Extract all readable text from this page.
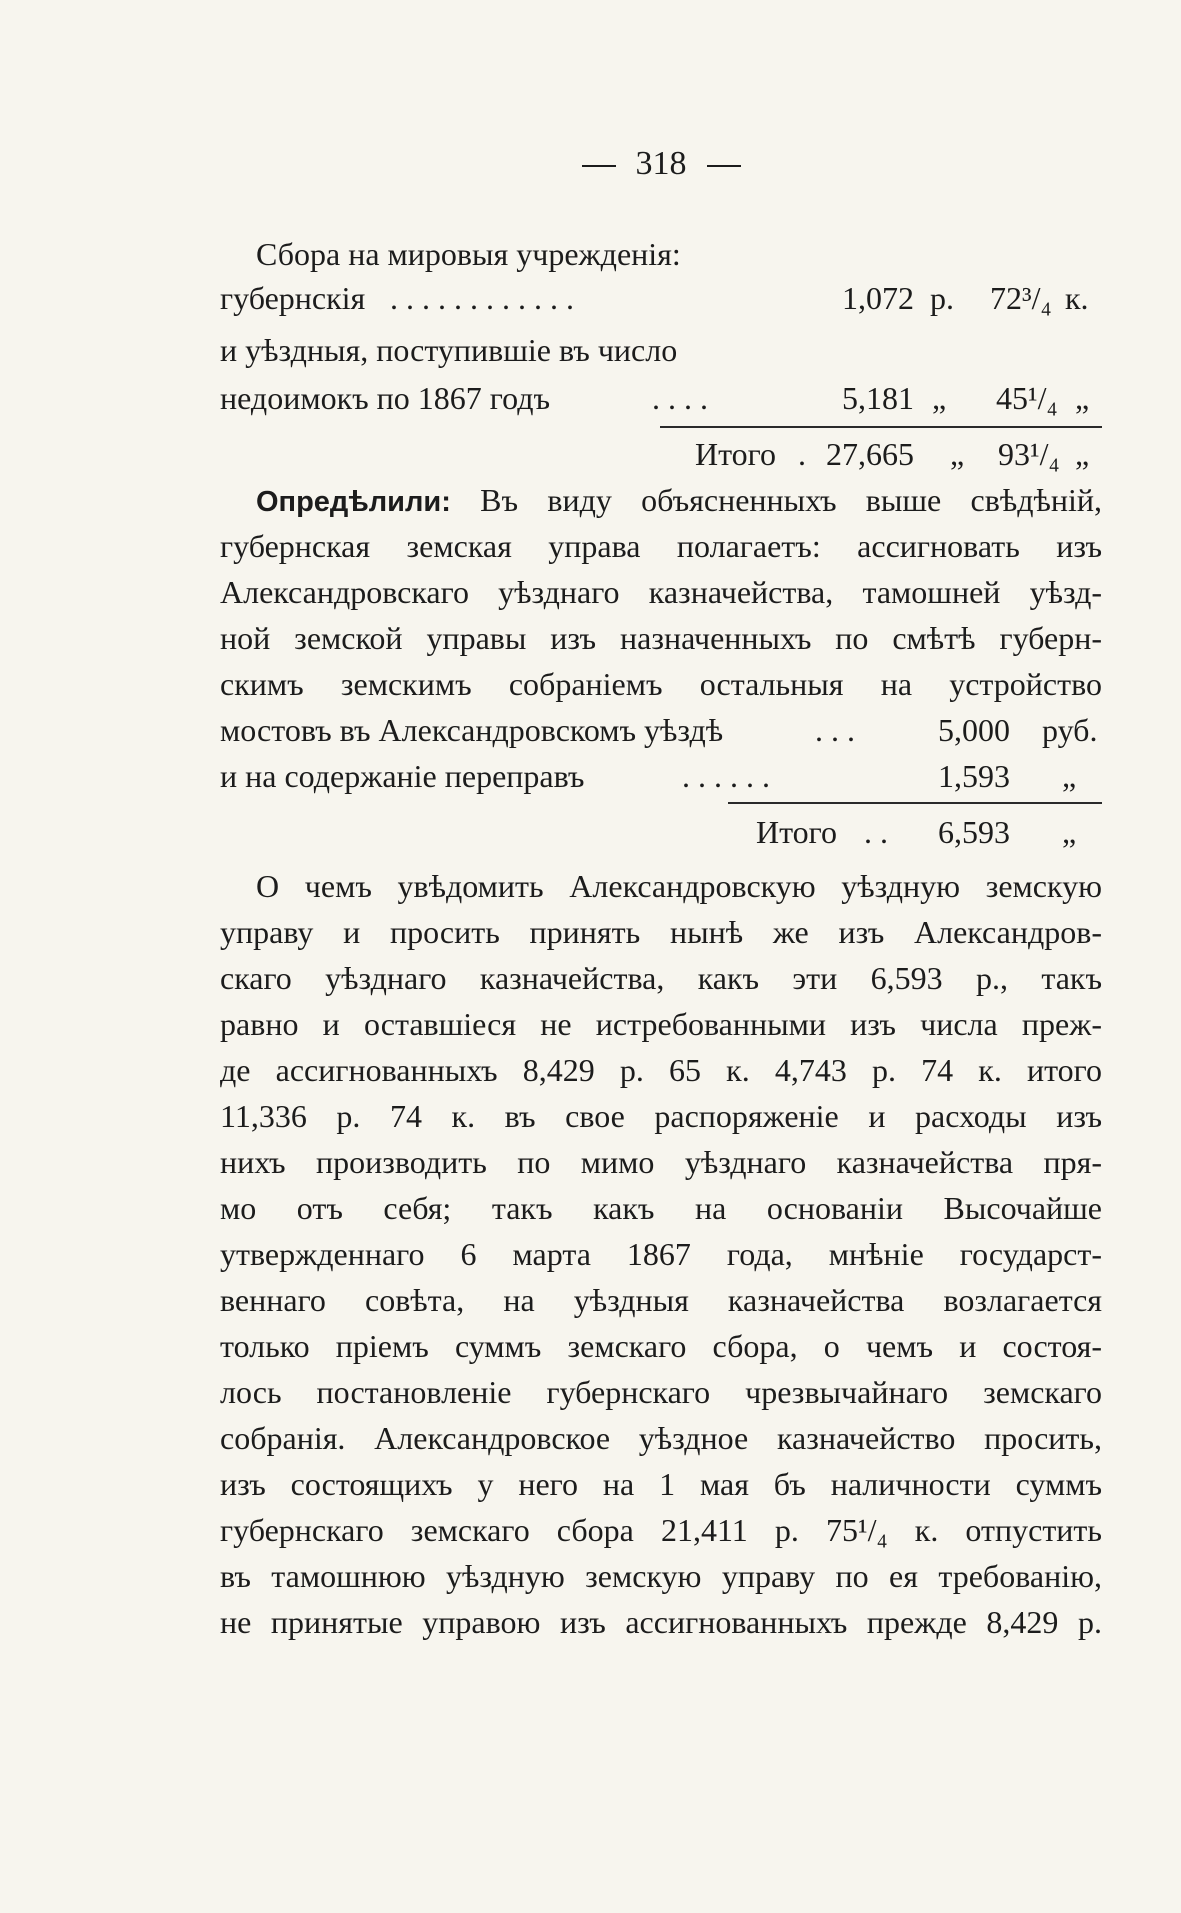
318
Сбора на мировыя учрежденія:
губернскія . . . . . . . . . . . .	1,072 р. 72³/₄ к.
и уѣздныя, поступившіе въ число
недоимокъ по 1867 годъ	. . . .	5,181 „ 45¹/₄ „
Итого . 27,665 „ 93¹/₄ „
Опредѣлили: Въ виду объясненныхъ выше свѣдѣній,
губернская земская управа полагаетъ: ассигновать изъ
Александровскаго уѣзднаго казначейства, тамошней уѣзд-
ной земской управы изъ назначенныхъ по смѣтѣ губерн-
скимъ земскимъ собраніемъ остальныя на устройство
мостовъ въ Александровскомъ уѣздѣ	. . .	5,000 руб.
и на содержаніе переправъ	. . . . . .	1,593 „
Итого . . 6,593 „
О чемъ увѣдомить Александровскую уѣздную земскую
управу и просить принять нынѣ же изъ Александров-
скаго уѣзднаго казначейства, какъ эти 6,593 р., такъ
равно и оставшіеся не истребованными изъ числа преж-
де ассигнованныхъ 8,429 р. 65 к. 4,743 р. 74 к. итого
11,336 р. 74 к. въ свое распоряженіе и расходы изъ
нихъ производить по мимо уѣзднаго казначейства пря-
мо отъ себя; такъ какъ на основаніи Высочайше
утвержденнаго 6 марта 1867 года, мнѣніе государст-
веннаго совѣта, на уѣздныя казначейства возлагается
только пріемъ суммъ земскаго сбора, о чемъ и состоя-
лось постановленіе губернскаго чрезвычайнаго земскаго
собранія. Александровское уѣздное казначейство просить,
изъ состоящихъ у него на 1 мая бъ наличности суммъ
губернскаго земскаго сбора 21,411 р. 75¹/₄ к. отпустить
въ тамошнюю уѣздную земскую управу по ея требованію,
не принятые управою изъ ассигнованныхъ прежде 8,429 р.
